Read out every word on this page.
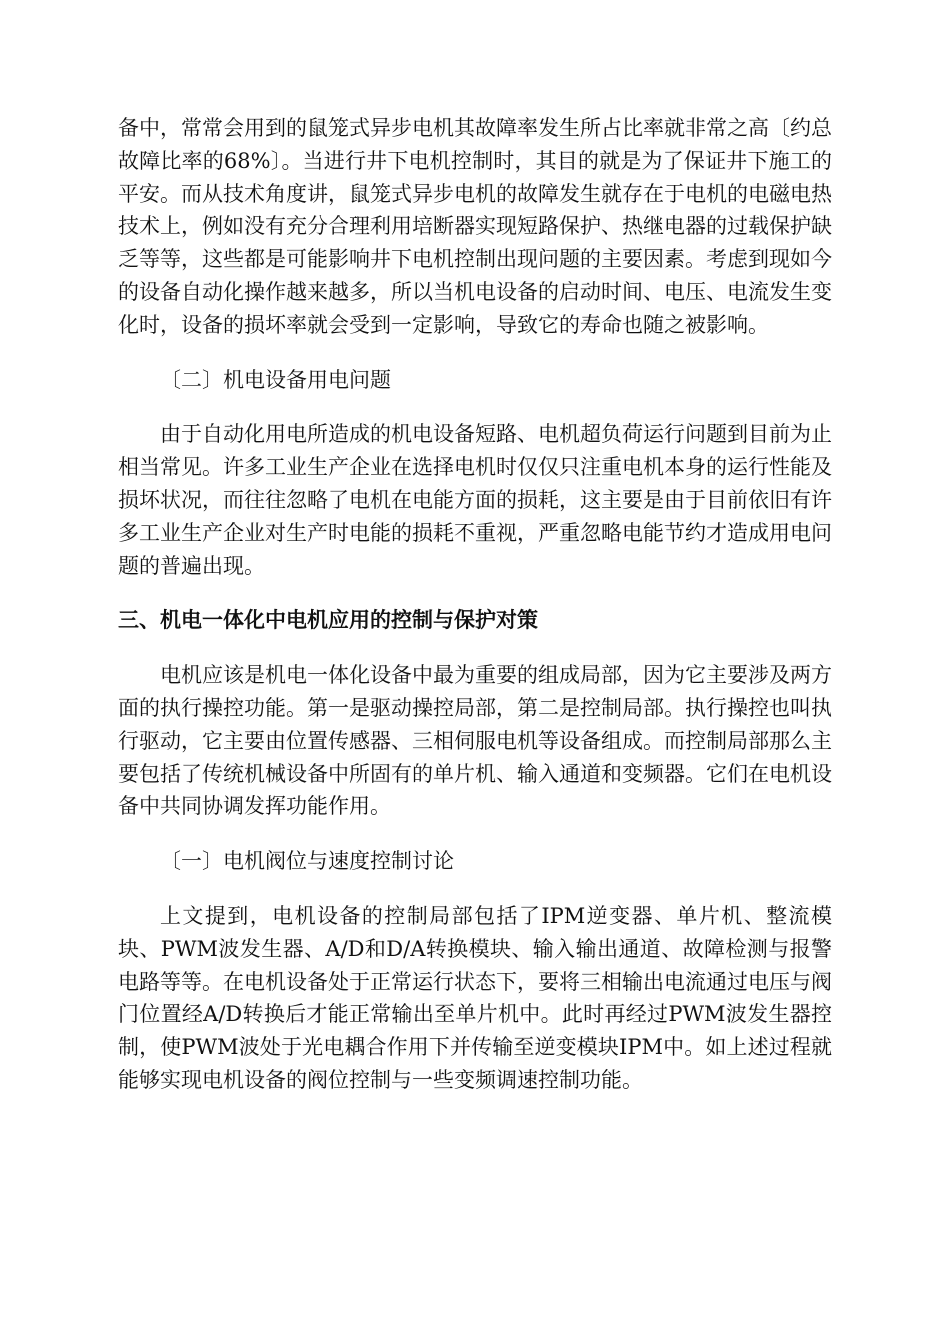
备中，常常会用到的鼠笼式异步电机其故障率发生所占比率就非常之高〔约总故障比率的68%〕。当进行井下电机控制时，其目的就是为了保证井下施工的平安。而从技术角度讲，鼠笼式异步电机的故障发生就存在于电机的电磁电热技术上，例如没有充分合理利用培断器实现短路保护、热继电器的过载保护缺乏等等，这些都是可能影响井下电机控制出现问题的主要因素。考虑到现如今的设备自动化操作越来越多，所以当机电设备的启动时间、电压、电流发生变化时，设备的损坏率就会受到一定影响，导致它的寿命也随之被影响。

〔二〕机电设备用电问题

由于自动化用电所造成的机电设备短路、电机超负荷运行问题到目前为止相当常见。许多工业生产企业在选择电机时仅仅只注重电机本身的运行性能及损坏状况，而往往忽略了电机在电能方面的损耗，这主要是由于目前依旧有许多工业生产企业对生产时电能的损耗不重视，严重忽略电能节约才造成用电问题的普遍出现。

三、机电一体化中电机应用的控制与保护对策

电机应该是机电一体化设备中最为重要的组成局部，因为它主要涉及两方面的执行操控功能。第一是驱动操控局部，第二是控制局部。执行操控也叫执行驱动，它主要由位置传感器、三相伺服电机等设备组成。而控制局部那么主要包括了传统机械设备中所固有的单片机、输入通道和变频器。它们在电机设备中共同协调发挥功能作用。

〔一〕电机阀位与速度控制讨论

上文提到，电机设备的控制局部包括了IPM逆变器、单片机、整流模块、PWM波发生器、A/D和D/A转换模块、输入输出通道、故障检测与报警电路等等。在电机设备处于正常运行状态下，要将三相输出电流通过电压与阀门位置经A/D转换后才能正常输出至单片机中。此时再经过PWM波发生器控制，使PWM波处于光电耦合作用下并传输至逆变模块IPM中。如上述过程就能够实现电机设备的阀位控制与一些变频调速控制功能。
